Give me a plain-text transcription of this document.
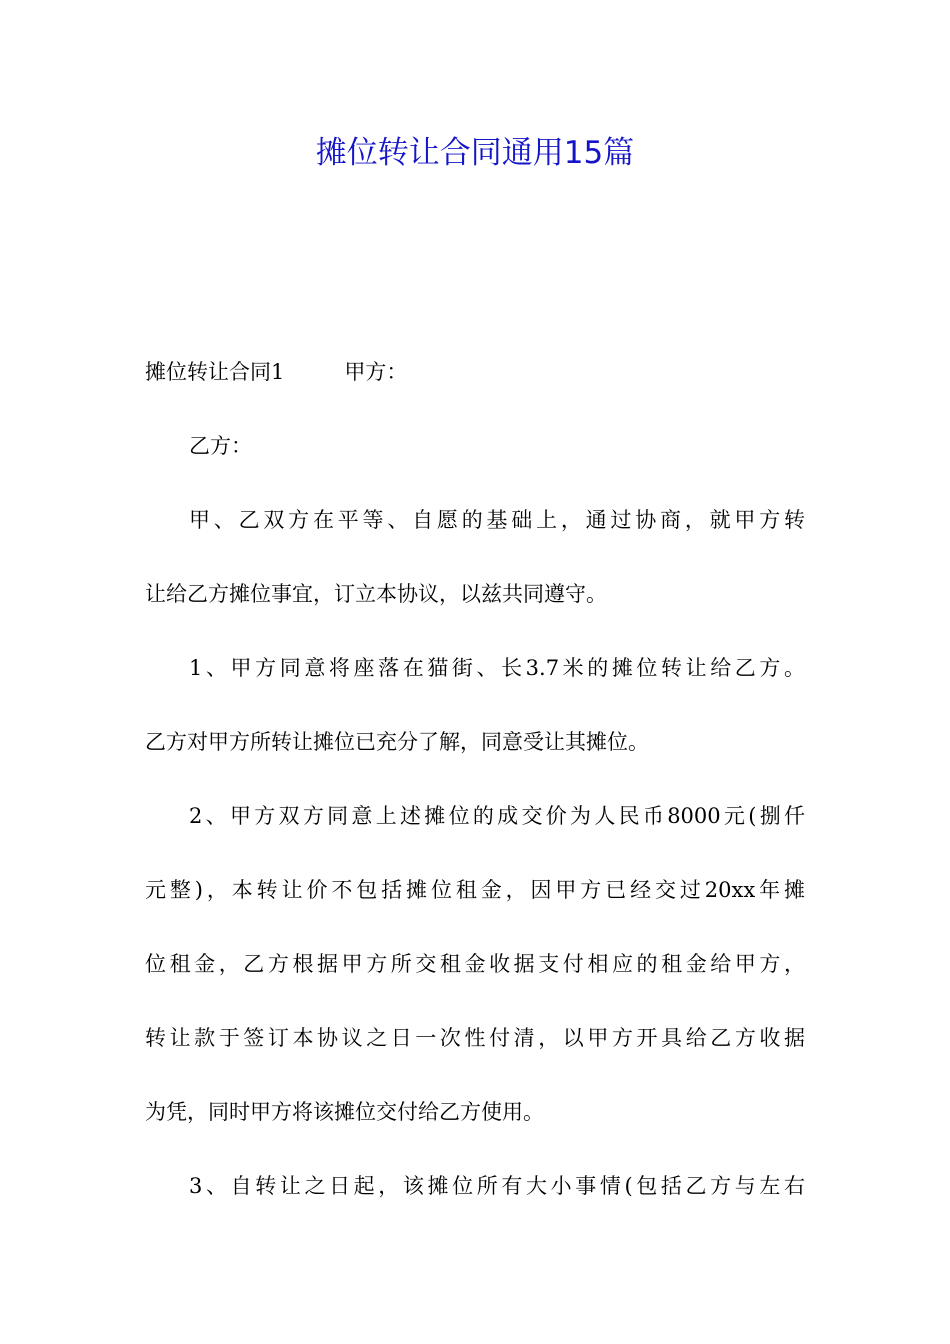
摊位转让合同通用15篇
摊位转让合同1	甲方：
乙方：
甲、乙双方在平等、自愿的基础上，通过协商，就甲方转
让给乙方摊位事宜，订立本协议，以兹共同遵守。
1、甲方同意将座落在猫街、长3.7米的摊位转让给乙方。
乙方对甲方所转让摊位已充分了解，同意受让其摊位。
2、甲方双方同意上述摊位的成交价为人民币8000元(捌仟
元整)，本转让价不包括摊位租金，因甲方已经交过20xx年摊
位租金，乙方根据甲方所交租金收据支付相应的租金给甲方，
转让款于签订本协议之日一次性付清，以甲方开具给乙方收据
为凭，同时甲方将该摊位交付给乙方使用。
3、自转让之日起，该摊位所有大小事情(包括乙方与左右
